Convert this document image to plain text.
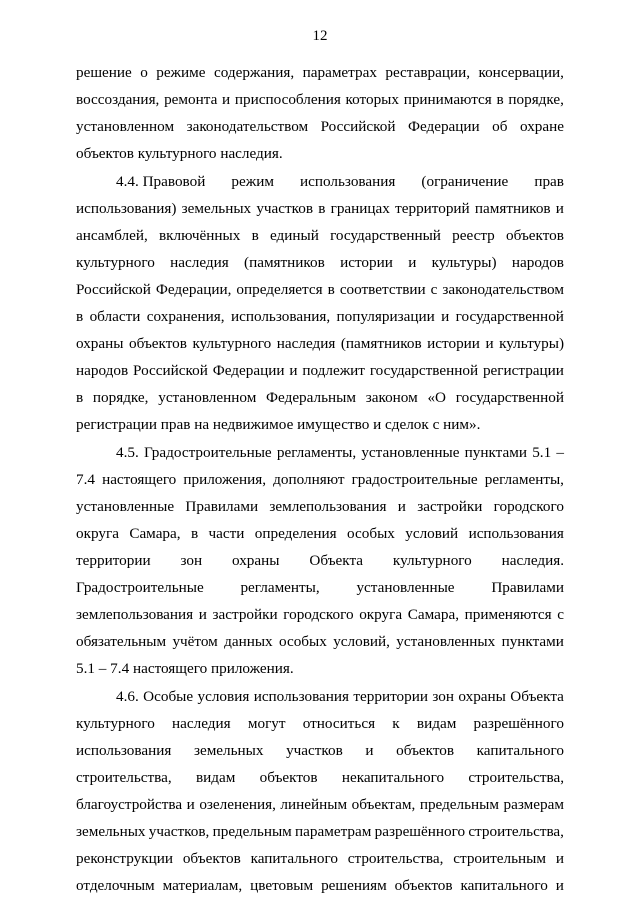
12
решение о режиме содержания, параметрах реставрации, консервации,
воссоздания, ремонта и приспособления которых принимаются в порядке,
установленном законодательством Российской Федерации об охране
объектов культурного наследия.
4.4. Правовой режим использования (ограничение прав
использования) земельных участков в границах территорий памятников и
ансамблей, включённых в единый государственный реестр объектов
культурного наследия (памятников истории и культуры) народов
Российской Федерации, определяется в соответствии с законодательством
в области сохранения, использования, популяризации и государственной
охраны объектов культурного наследия (памятников истории и культуры)
народов Российской Федерации и подлежит государственной регистрации
в порядке, установленном Федеральным законом «О государственной
регистрации прав на недвижимое имущество и сделок с ним».
4.5. Градостроительные регламенты, установленные пунктами 5.1 –
7.4 настоящего приложения, дополняют градостроительные регламенты,
установленные Правилами землепользования и застройки городского
округа Самара, в части определения особых условий использования
территории зон охраны Объекта культурного наследия.
Градостроительные регламенты, установленные Правилами
землепользования и застройки городского округа Самара, применяются с
обязательным учётом данных особых условий, установленных пунктами
5.1 – 7.4 настоящего приложения.
4.6. Особые условия использования территории зон охраны Объекта
культурного наследия могут относиться к видам разрешённого
использования земельных участков и объектов капитального
строительства, видам объектов некапитального строительства,
благоустройства и озеленения, линейным объектам, предельным размерам
земельных участков, предельным параметрам разрешённого строительства,
реконструкции объектов капитального строительства, строительным и
отделочным материалам, цветовым решениям объектов капитального и
